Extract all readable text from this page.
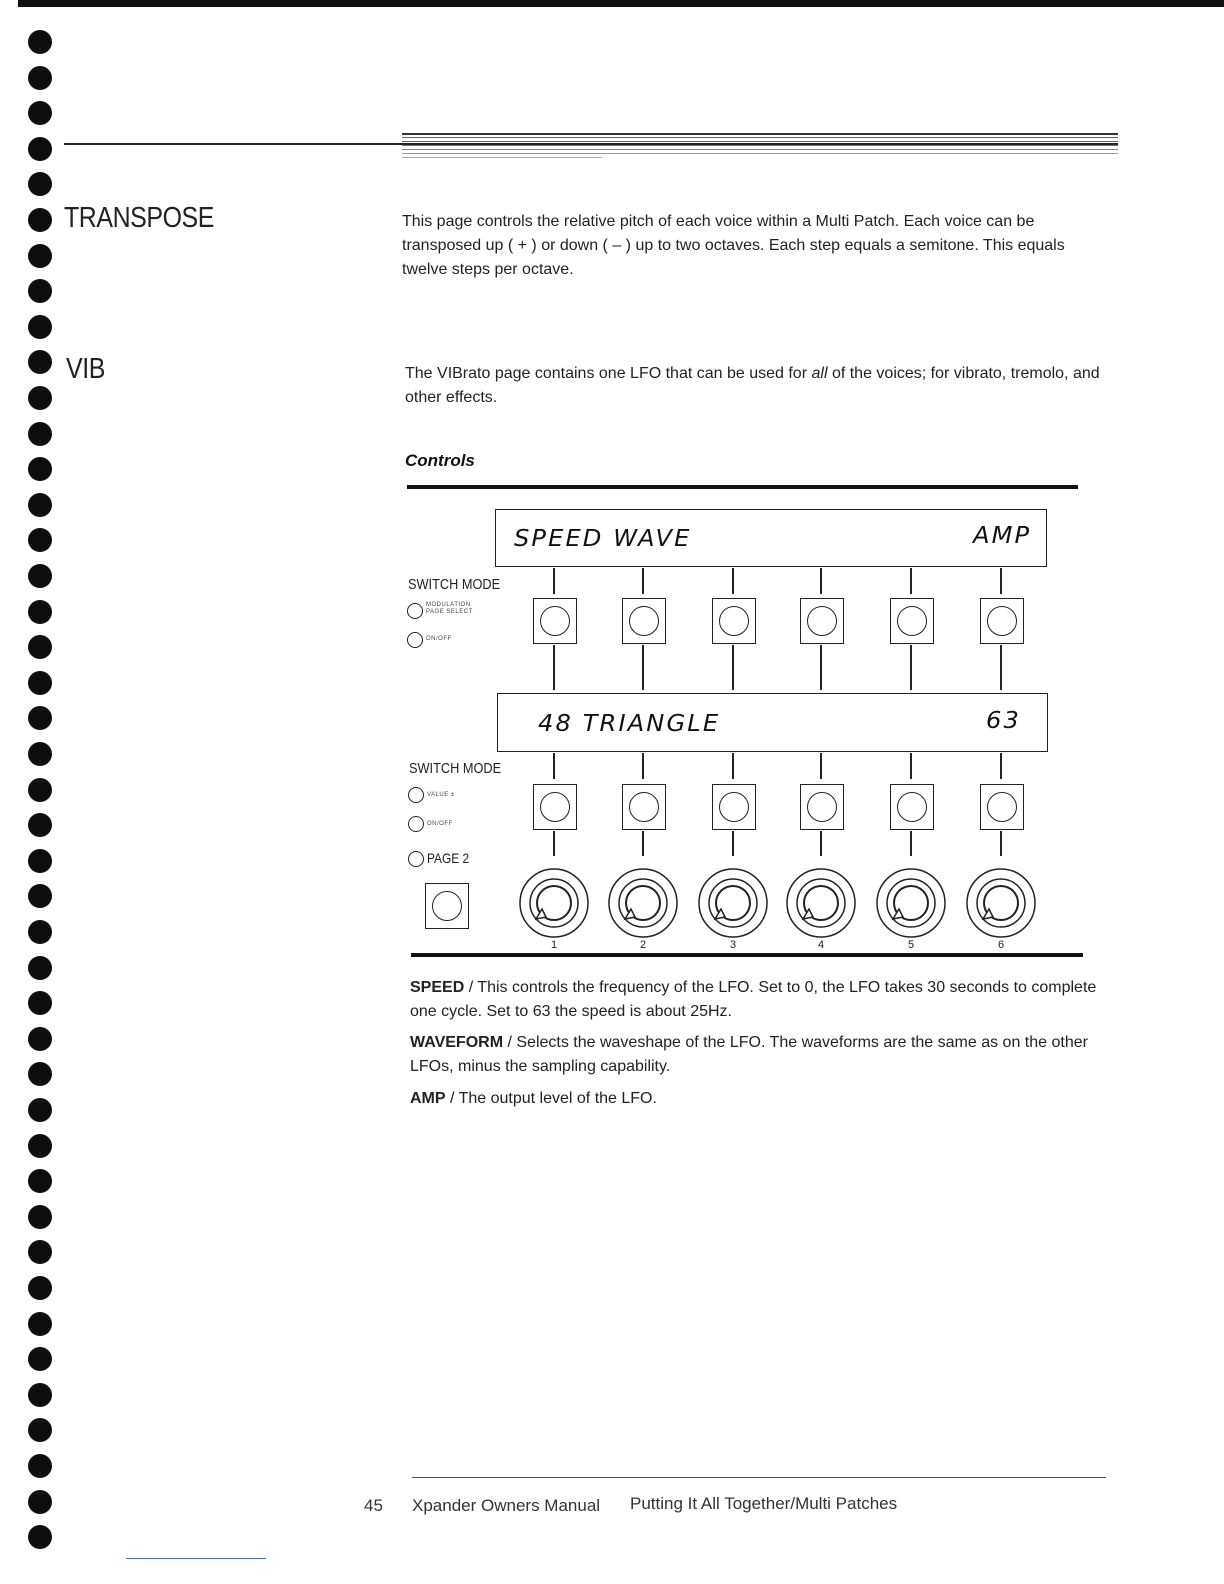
TRANSPOSE	This page controls the relative pitch of each voice within a Multi Patch. Each voice can be transposed up ( + ) or down ( – ) up to two octaves. Each step equals a semitone. This equals twelve steps per octave.
VIB	The VIBrato page contains one LFO that can be used for all of the voices; for vibrato, tremolo, and other effects.
Controls
SPEED WAVE	AMP
SWITCH MODE
MODULATION PAGE SELECT
ON/OFF
48 TRIANGLE	63
SWITCH MODE
VALUE ±
ON/OFF
PAGE 2
1	2	3	4	5	6
SPEED / This controls the frequency of the LFO. Set to 0, the LFO takes 30 seconds to complete one cycle. Set to 63 the speed is about 25Hz.
WAVEFORM / Selects the waveshape of the LFO. The waveforms are the same as on the other LFOs, minus the sampling capability.
AMP / The output level of the LFO.
45 Xpander Owners Manual Putting It All Together/Multi Patches
